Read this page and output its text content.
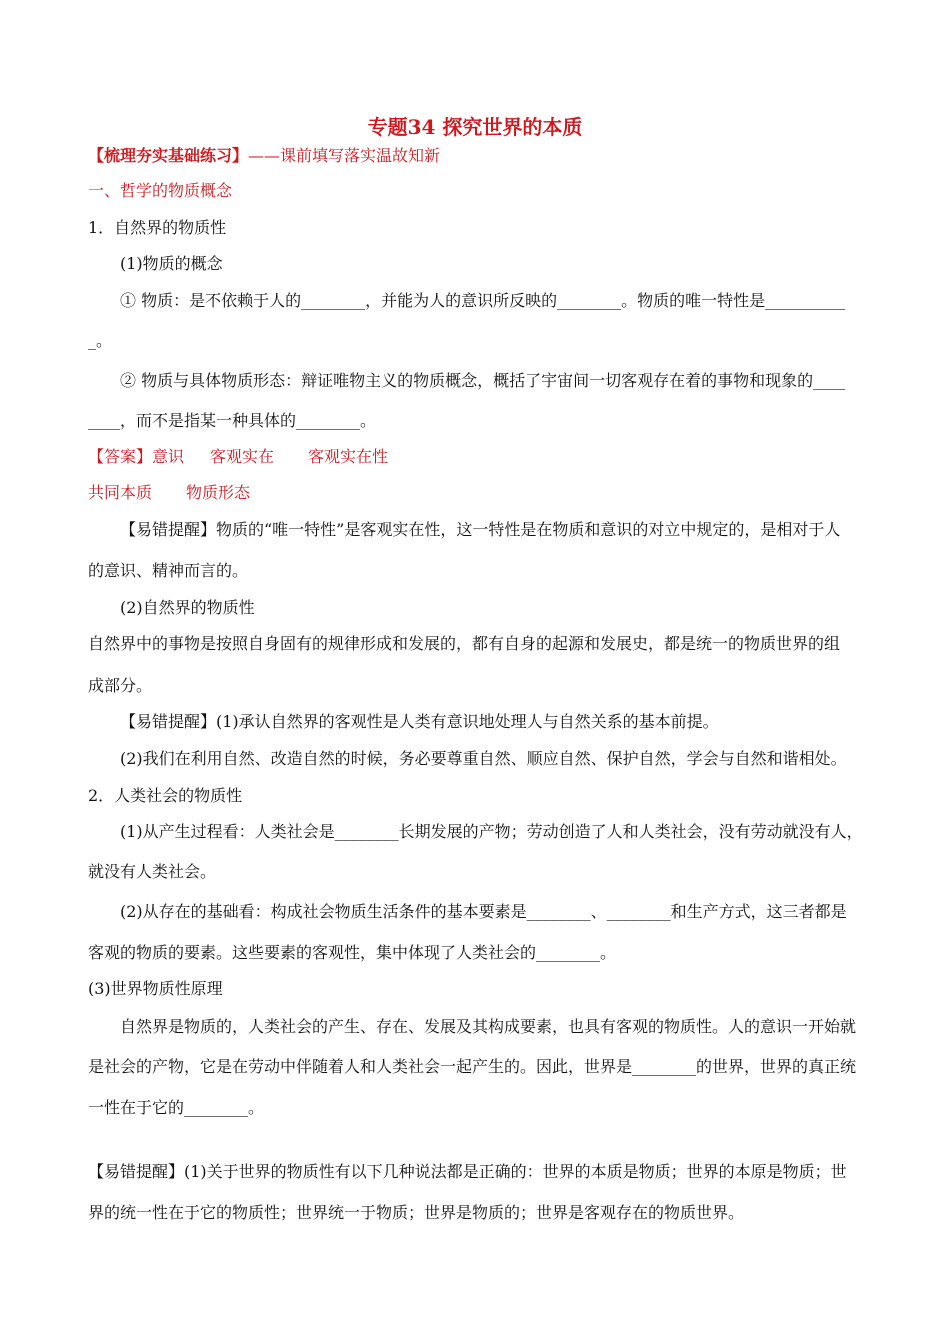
专题34 探究世界的本质
【梳理夯实基础练习】——课前填写落实温故知新
一、哲学的物质概念
1．自然界的物质性
(1)物质的概念
① 物质：是不依赖于人的________，并能为人的意识所反映的________。物质的唯一特性是__________
_。
② 物质与具体物质形态：辩证唯物主义的物质概念，概括了宇宙间一切客观存在着的事物和现象的____
____，而不是指某一种具体的________。
【答案】意识 客观实在 客观实在性
共同本质 物质形态
【易错提醒】物质的“唯一特性”是客观实在性，这一特性是在物质和意识的对立中规定的，是相对于人
的意识、精神而言的。
(2)自然界的物质性
自然界中的事物是按照自身固有的规律形成和发展的，都有自身的起源和发展史，都是统一的物质世界的组
成部分。
【易错提醒】(1)承认自然界的客观性是人类有意识地处理人与自然关系的基本前提。
(2)我们在利用自然、改造自然的时候，务必要尊重自然、顺应自然、保护自然，学会与自然和谐相处。
2．人类社会的物质性
(1)从产生过程看：人类社会是________长期发展的产物；劳动创造了人和人类社会，没有劳动就没有人，
就没有人类社会。
(2)从存在的基础看：构成社会物质生活条件的基本要素是________、________和生产方式，这三者都是
客观的物质的要素。这些要素的客观性，集中体现了人类社会的________。
(3)世界物质性原理
自然界是物质的，人类社会的产生、存在、发展及其构成要素，也具有客观的物质性。人的意识一开始就
是社会的产物，它是在劳动中伴随着人和人类社会一起产生的。因此，世界是________的世界，世界的真正统
一性在于它的________。
【易错提醒】(1)关于世界的物质性有以下几种说法都是正确的：世界的本质是物质；世界的本原是物质；世
界的统一性在于它的物质性；世界统一于物质；世界是物质的；世界是客观存在的物质世界。
